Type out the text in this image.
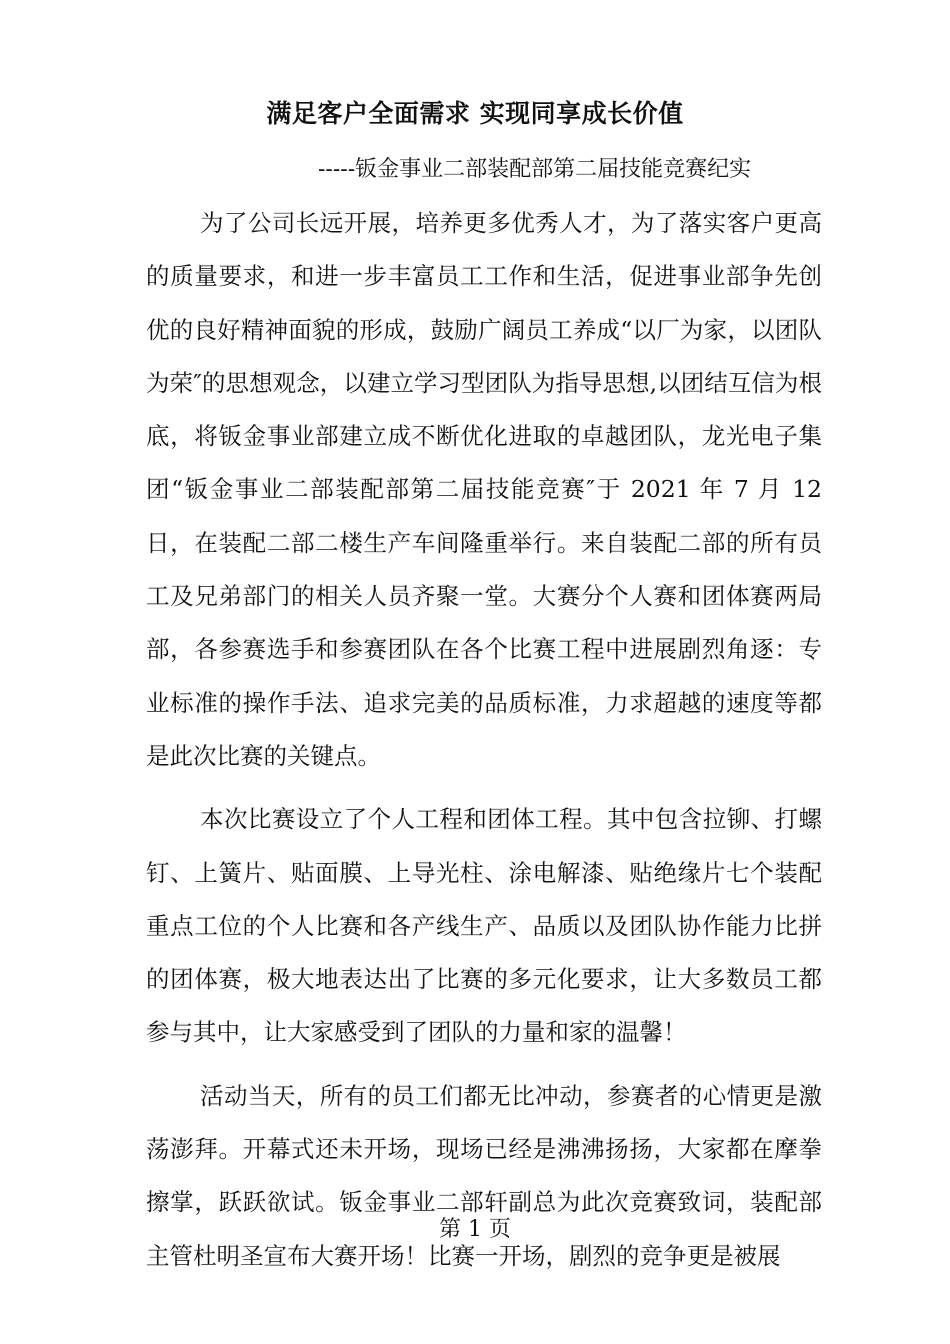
满足客户全面需求 实现同享成长价值
-----钣金事业二部装配部第二届技能竞赛纪实

为了公司长远开展，培养更多优秀人才，为了落实客户更高的质量要求，和进一步丰富员工工作和生活，促进事业部争先创优的良好精神面貌的形成，鼓励广阔员工养成“以厂为家，以团队为荣″的思想观念，以建立学习型团队为指导思想,以团结互信为根底，将钣金事业部建立成不断优化进取的卓越团队，龙光电子集团“钣金事业二部装配部第二届技能竞赛″于 2021 年 7 月 12 日，在装配二部二楼生产车间隆重举行。来自装配二部的所有员工及兄弟部门的相关人员齐聚一堂。大赛分个人赛和团体赛两局部，各参赛选手和参赛团队在各个比赛工程中进展剧烈角逐：专业标准的操作手法、追求完美的品质标准，力求超越的速度等都是此次比赛的关键点。

本次比赛设立了个人工程和团体工程。其中包含拉铆、打螺钉、上簧片、贴面膜、上导光柱、涂电解漆、贴绝缘片七个装配重点工位的个人比赛和各产线生产、品质以及团队协作能力比拼的团体赛，极大地表达出了比赛的多元化要求，让大多数员工都参与其中，让大家感受到了团队的力量和家的温馨！

活动当天，所有的员工们都无比冲动，参赛者的心情更是激荡澎拜。开幕式还未开场，现场已经是沸沸扬扬，大家都在摩拳擦掌，跃跃欲试。钣金事业二部轩副总为此次竞赛致词，装配部主管杜明圣宣布大赛开场！比赛一开场，剧烈的竞争更是被展

第 1 页
